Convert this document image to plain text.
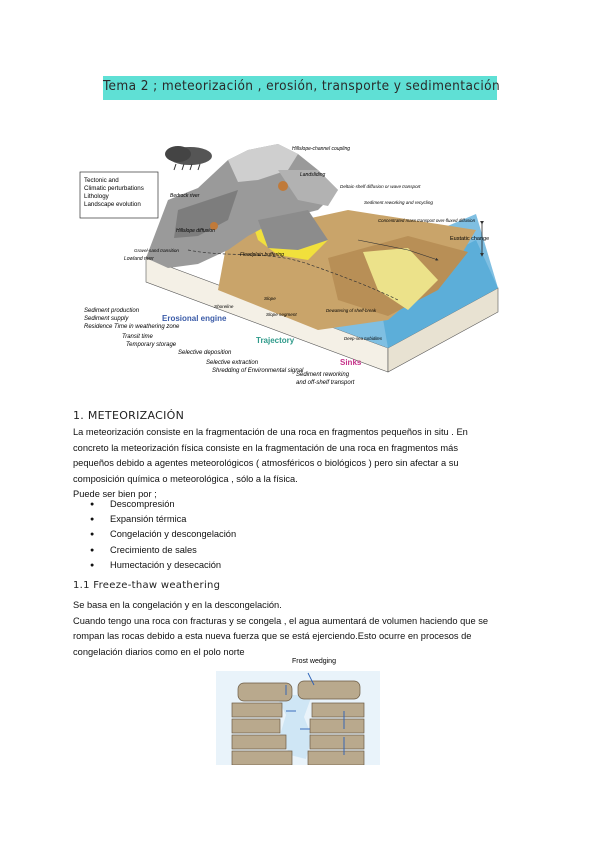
Tema 2 ; meteorización , erosión, transporte y sedimentación
Tectonic and
Climatic perturbations
Lithology
Landscape evolution
Hillslope-channel coupling
Landsliding
Bedrock river
Hillslope diffusion
Lowland river
Floodplain buffering
Deltaic-shelf diffusion or wave transport
Sediment reworking and recycling
Concentrated mass transport over-fluxed diffusion
Eustatic change
Gravel-sand transition
Shoreline
Slope
Slope segment
Dewatering of shelf-break
Deep-sea turbidites
Sediment production
Sediment supply
Residence Time in weathering zone
Erosional engine
Transit time
Temporary storage
Selective deposition
Selective extraction
Shredding of Environmental signal
Trajectory
Sinks
Sediment reworking
and off-shelf transport
1. METEORIZACIÓN
La meteorización consiste en la fragmentación de una roca en fragmentos pequeños in situ . En
concreto la meteorización física consiste en la fragmentación de una roca en fragmentos más
pequeños debido a agentes meteorológicos ( atmosféricos o biológicos ) pero sin afectar a su
composición química o meteorológica , sólo a la física.
Puede ser bien por ;
● Descompresión
● Expansión térmica
● Congelación y descongelación
● Crecimiento de sales
● Humectación y desecación
1.1 Freeze-thaw weathering
Se basa en la congelación y en la descongelación.
Cuando tengo una roca con fracturas y se congela , el agua aumentará de volumen haciendo que se
rompan las rocas debido a esta nueva fuerza que se está ejerciendo.Esto ocurre en procesos de
congelación diarios como en el polo norte
Frost wedging
